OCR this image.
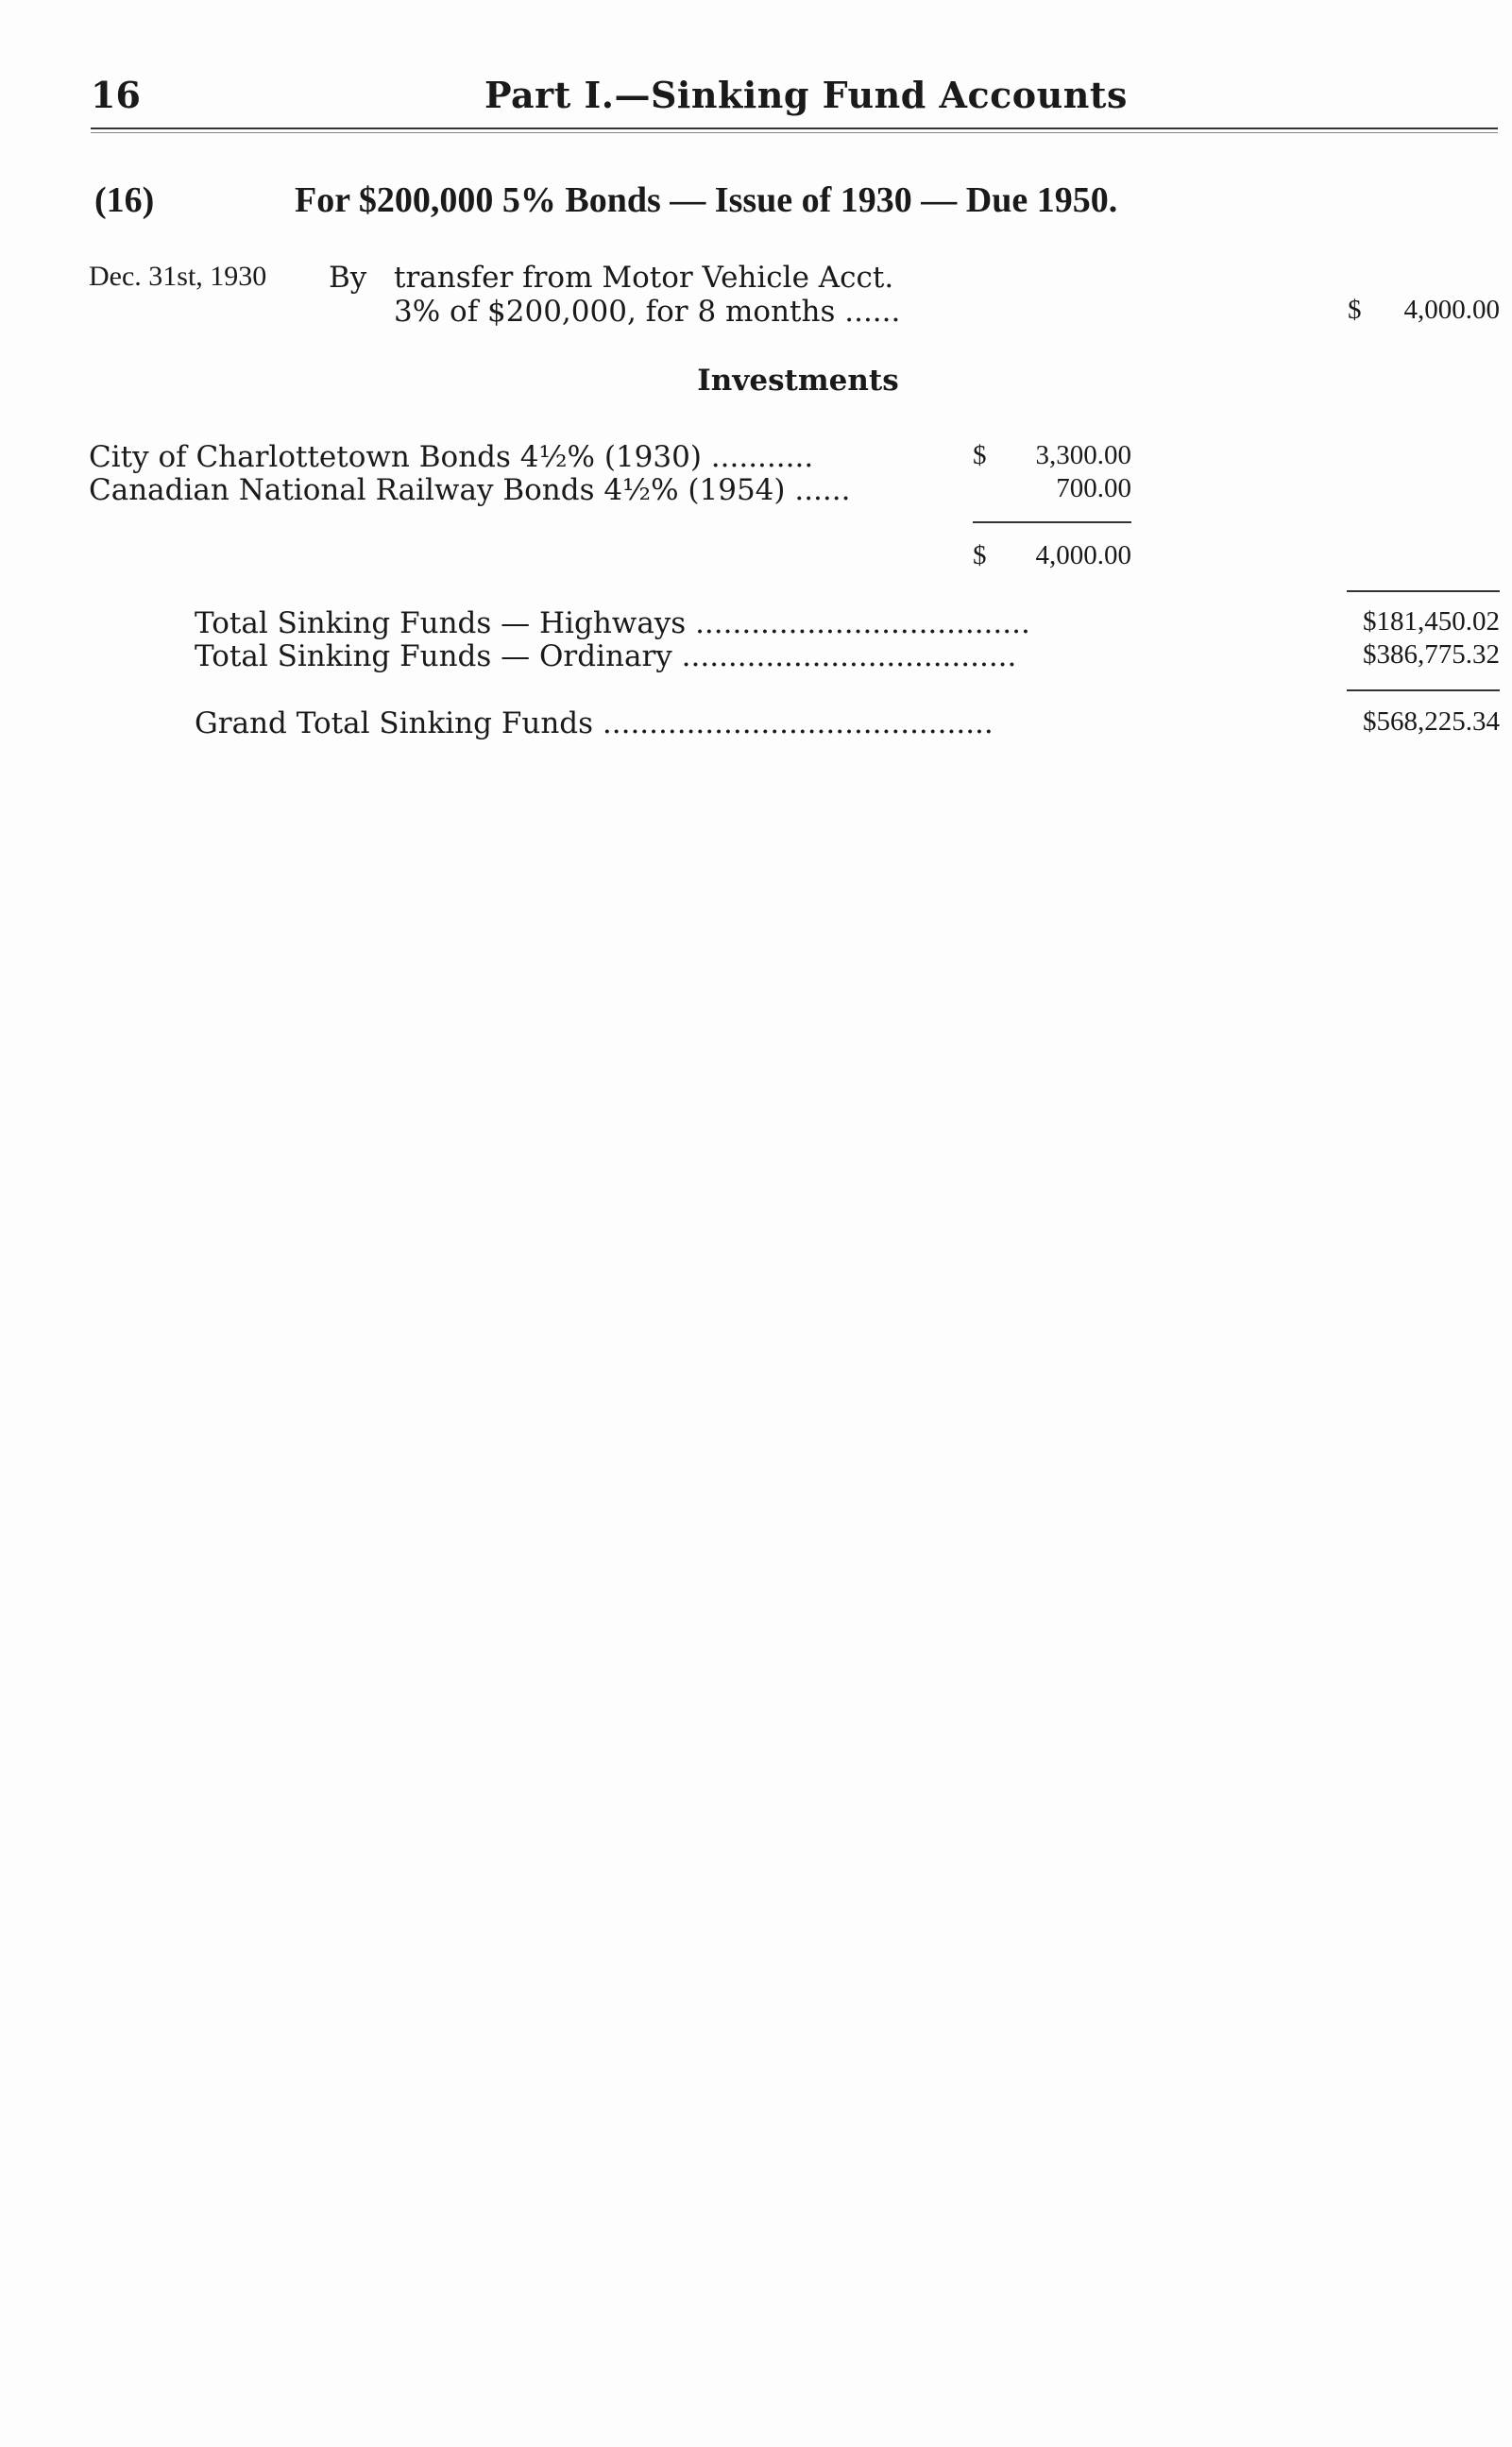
16	Part I.—Sinking Fund Accounts
(16)	For $200,000 5% Bonds — Issue of 1930 — Due 1950.
Dec. 31st, 1930 By transfer from Motor Vehicle Acct.
3% of $200,000, for 8 months ......	$ 4,000.00
Investments
City of Charlottetown Bonds 4½% (1930) ...........	$ 3,300.00
Canadian National Railway Bonds 4½% (1954) ......	700.00
$ 4,000.00
Total Sinking Funds — Highways ....................................	$181,450.02
Total Sinking Funds — Ordinary ....................................	$386,775.32
Grand Total Sinking Funds ..........................................	$568,225.34
